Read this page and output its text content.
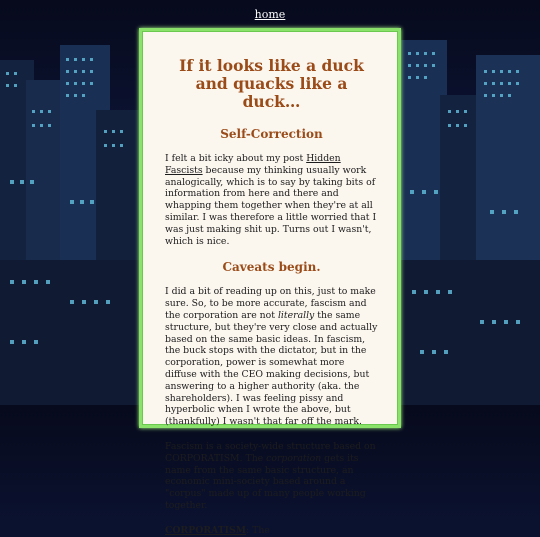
home
If it looks like a duck and quacks like a duck…
Self-Correction

I felt a bit icky about my post Hidden Fascists because my thinking usually work analogically, which is to say by taking bits of information from here and there and whapping them together when they're at all similar. I was therefore a little worried that I was just making shit up. Turns out I wasn't, which is nice.

Caveats begin.

I did a bit of reading up on this, just to make sure. So, to be more accurate, fascism and the corporation are not literally the same structure, but they're very close and actually based on the same basic ideas. In fascism, the buck stops with the dictator, but in the corporation, power is somewhat more diffuse with the CEO making decisions, but answering to a higher authority (aka. the shareholders). I was feeling pissy and hyperbolic when I wrote the above, but (thankfully) I wasn't that far off the mark.

Fascism is a society-wide structure based on CORPORATISM. The corporation gets its name from the same basic structure, an economic mini-society based around a "corpus" made up of many people working together.

CORPORATISM: The
